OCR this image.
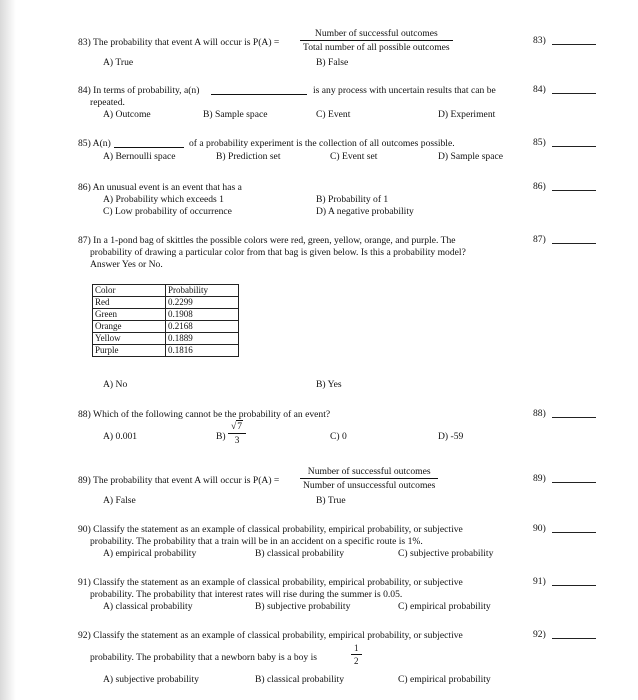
83) The probability that event A will occur is P(A) =
Number of successful outcomes
Total number of all possible outcomes
A) True	B) False
83)
84) In terms of probability, a(n)	is any process with uncertain results that can be
repeated.
A) Outcome	B) Sample space	C) Event	D) Experiment
84)
85) A(n)	of a probability experiment is the collection of all outcomes possible.
A) Bernoulli space	B) Prediction set	C) Event set	D) Sample space
85)
86) An unusual event is an event that has a
A) Probability which exceeds 1	B) Probability of 1
C) Low probability of occurrence	D) A negative probability
86)
87) In a 1-pond bag of skittles the possible colors were red, green, yellow, orange, and purple. The
probability of drawing a particular color from that bag is given below. Is this a probability model?
Answer Yes or No.
Color	Probability
Red	0.2299
Green	0.1908
Orange	0.2168
Yellow	0.1889
Purple	0.1816
A) No	B) Yes
87)
88) Which of the following cannot be the probability of an event?
A) 0.001	$B) \frac{√7}{3}$	C) 0	D) -59
88)
89) The probability that event A will occur is P(A) =
Number of successful outcomes
Number of unsuccessful outcomes
A) False	B) True
89)
90) Classify the statement as an example of classical probability, empirical probability, or subjective
probability. The probability that a train will be in an accident on a specific route is 1%.
A) empirical probability	B) classical probability	C) subjective probability
90)
91) Classify the statement as an example of classical probability, empirical probability, or subjective
probability. The probability that interest rates will rise during the summer is 0.05.
A) classical probability	B) subjective probability	C) empirical probability
91)
92) Classify the statement as an example of classical probability, empirical probability, or subjective
probability. The probability that a newborn baby is a boy is	$\frac{1}{2}$
A) subjective probability	B) classical probability	C) empirical probability
92)
